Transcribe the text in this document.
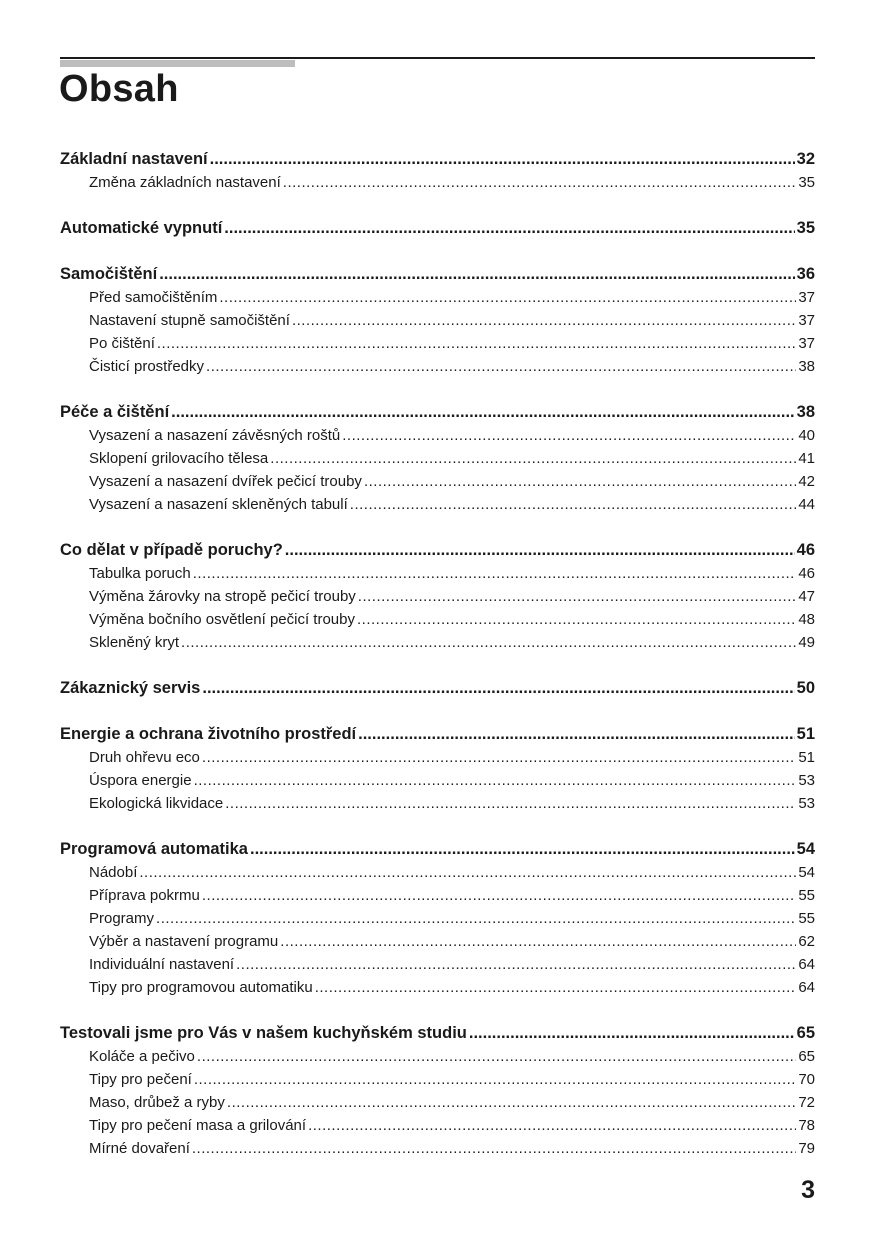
Obsah
Základní nastavení .....	32
Změna základních nastavení .....	35
Automatické vypnutí .....	35
Samočištění .....	36
Před samočištěním .....	37
Nastavení stupně samočištění .....	37
Po čištění .....	37
Čisticí prostředky .....	38
Péče a čištění .....	38
Vysazení a nasazení závěsných roštů .....	40
Sklopení grilovacího tělesa .....	41
Vysazení a nasazení dvířek pečicí trouby .....	42
Vysazení a nasazení skleněných tabulí .....	44
Co dělat v případě poruchy? .....	46
Tabulka poruch .....	46
Výměna žárovky na stropě pečicí trouby .....	47
Výměna bočního osvětlení pečicí trouby .....	48
Skleněný kryt .....	49
Zákaznický servis .....	50
Energie a ochrana životního prostředí .....	51
Druh ohřevu eco .....	51
Úspora energie .....	53
Ekologická likvidace .....	53
Programová automatika .....	54
Nádobí .....	54
Příprava pokrmu .....	55
Programy .....	55
Výběr a nastavení programu .....	62
Individuální nastavení .....	64
Tipy pro programovou automatiku .....	64
Testovali jsme pro Vás v našem kuchyňském studiu .....	65
Koláče a pečivo .....	65
Tipy pro pečení .....	70
Maso, drůbež a ryby .....	72
Tipy pro pečení masa a grilování .....	78
Mírné dovaření .....	79
3
